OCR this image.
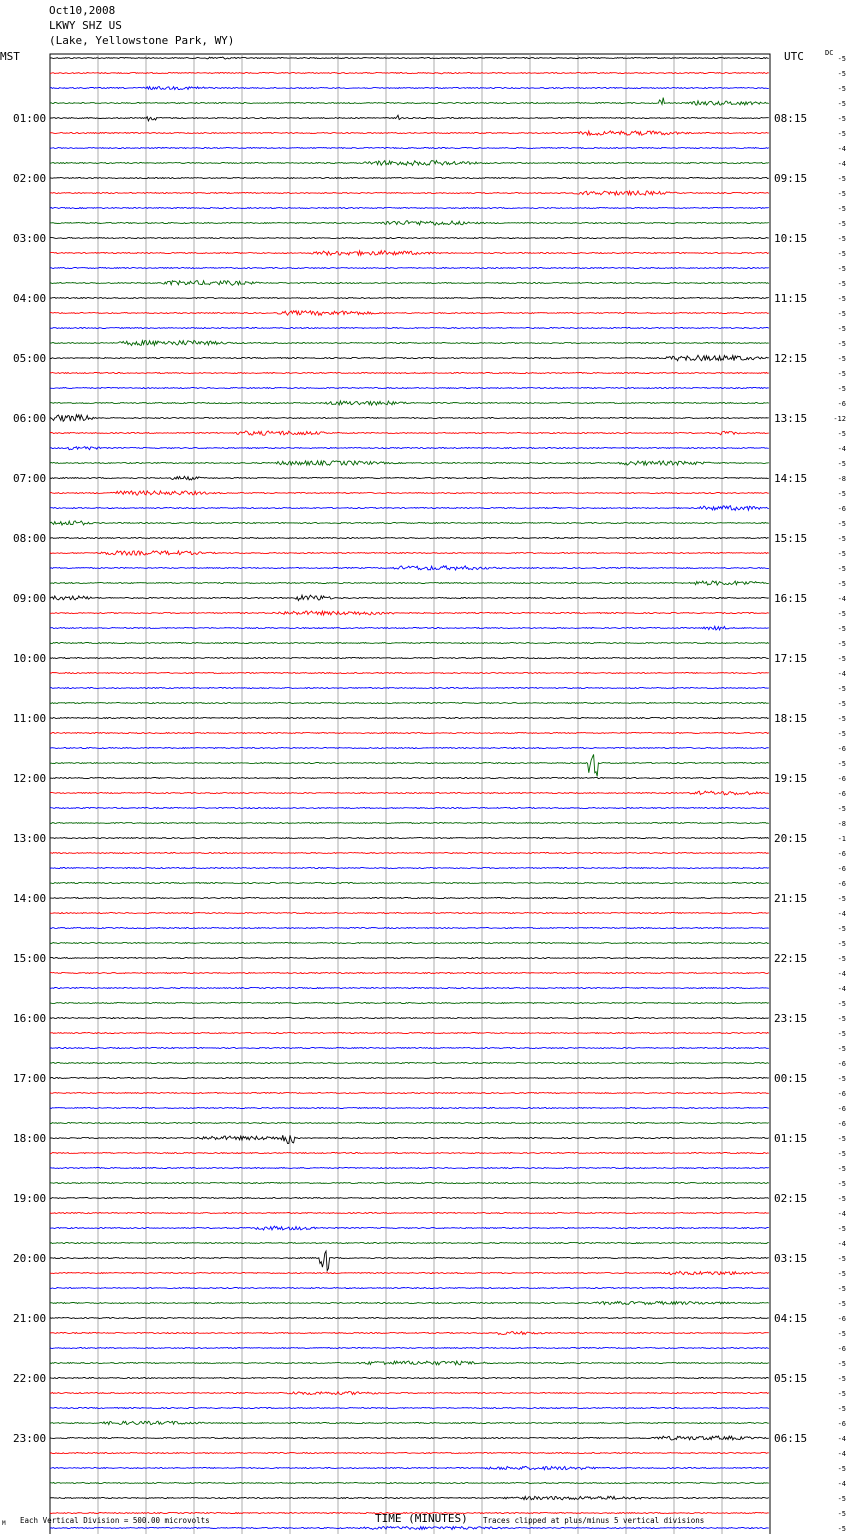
Oct10,2008
LKWY SHZ US
(Lake, Yellowstone Park, WY)
MST	UTC	DC
-5
-5
-5
-5
-5
-5
-4
-4
-5
-5
-5
-5
-5
-5
-5
-5
-5
-5
-5
-5
-5
-5
-5
-6
-12
-5
-4
-5
-8
-5
-6
-5
-5
-5
-5
-5
-4
-5
-5
-5
-5
-4
-5
-5
-5
-5
-6
-5
-6
-6
-5
-8
-1
-6
-6
-6
-5
-4
-5
-5
-5
-4
-4
-5
-5
-5
-5
-6
-5
-6
-6
-6
-5
-5
-5
-5
-5
-4
-5
-4
-5
-5
-5
-5
-6
-5
-6
-5
-5
-5
-5
-6
-4
-4
-5
-4
-5
-5
-5
01:00
02:00
03:00
04:00
05:00
06:00
07:00
08:00
09:00
10:00
11:00
12:00
13:00
14:00
15:00
16:00
17:00
18:00
19:00
20:00
21:00
22:00
23:00
08:15
09:15
10:15
11:15
12:15
13:15
14:15
15:15
16:15
17:15
18:15
19:15
20:15
21:15
22:15
23:15
00:15
01:15
02:15
03:15
04:15
05:15
06:15
TIME (MINUTES)
Each Vertical Division = 500.00 microvolts	Traces clipped at plus/minus 5 vertical divisions
M
